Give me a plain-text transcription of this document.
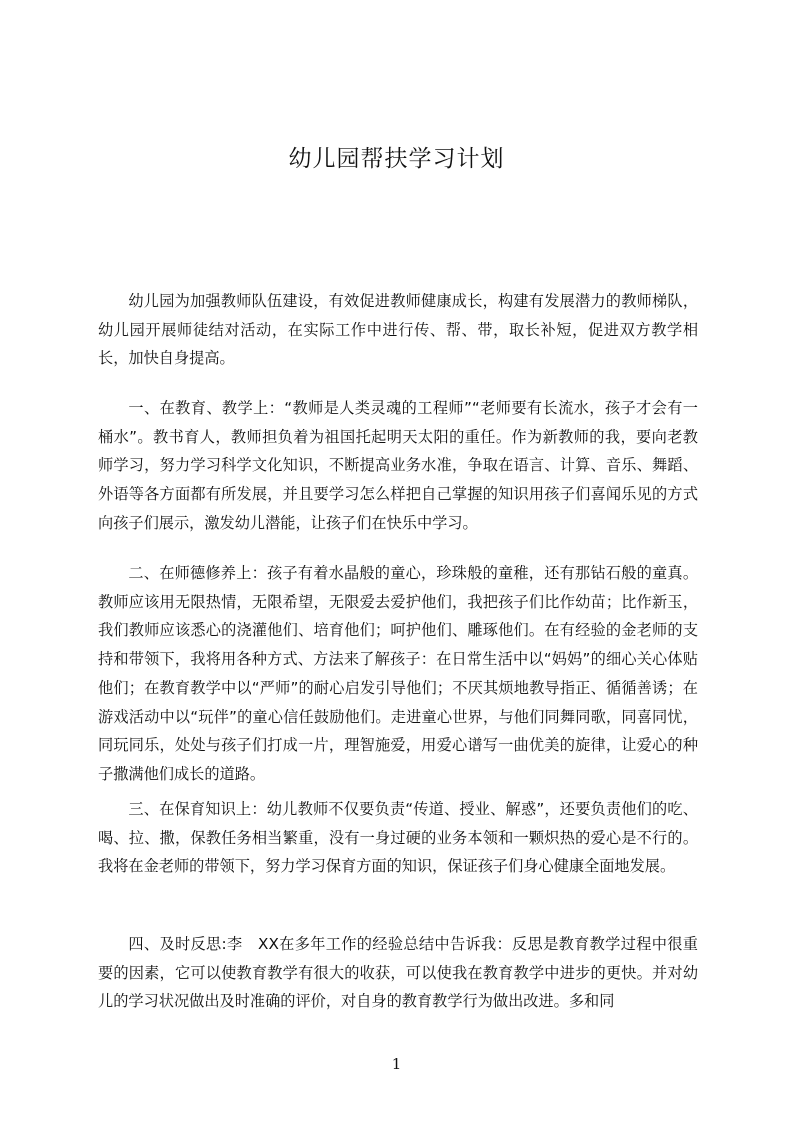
幼儿园帮扶学习计划

幼儿园为加强教师队伍建设，有效促进教师健康成长，构建有发展潜力的教师梯队，幼儿园开展师徒结对活动，在实际工作中进行传、帮、带，取长补短，促进双方教学相长，加快自身提高。

一、在教育、教学上：“教师是人类灵魂的工程师”“老师要有长流水，孩子才会有一桶水”。教书育人，教师担负着为祖国托起明天太阳的重任。作为新教师的我，要向老教师学习，努力学习科学文化知识，不断提高业务水准，争取在语言、计算、音乐、舞蹈、外语等各方面都有所发展，并且要学习怎么样把自己掌握的知识用孩子们喜闻乐见的方式向孩子们展示，激发幼儿潜能，让孩子们在快乐中学习。

二、在师德修养上：孩子有着水晶般的童心，珍珠般的童稚，还有那钻石般的童真。教师应该用无限热情，无限希望，无限爱去爱护他们，我把孩子们比作幼苗；比作新玉，我们教师应该悉心的浇灌他们、培育他们；呵护他们、雕琢他们。在有经验的金老师的支持和带领下，我将用各种方式、方法来了解孩子：在日常生活中以“妈妈”的细心关心体贴他们；在教育教学中以“严师”的耐心启发引导他们；不厌其烦地教导指正、循循善诱；在游戏活动中以“玩伴”的童心信任鼓励他们。走进童心世界，与他们同舞同歌，同喜同忧，同玩同乐，处处与孩子们打成一片，理智施爱，用爱心谱写一曲优美的旋律，让爱心的种子撒满他们成长的道路。

三、在保育知识上：幼儿教师不仅要负责“传道、授业、解惑”，还要负责他们的吃、喝、拉、撒，保教任务相当繁重，没有一身过硬的业务本领和一颗炽热的爱心是不行的。我将在金老师的带领下，努力学习保育方面的知识，保证孩子们身心健康全面地发展。

四、及时反思:李　XX在多年工作的经验总结中告诉我：反思是教育教学过程中很重要的因素，它可以使教育教学有很大的收获，可以使我在教育教学中进步的更快。并对幼儿的学习状况做出及时准确的评价，对自身的教育教学行为做出改进。多和同

1
